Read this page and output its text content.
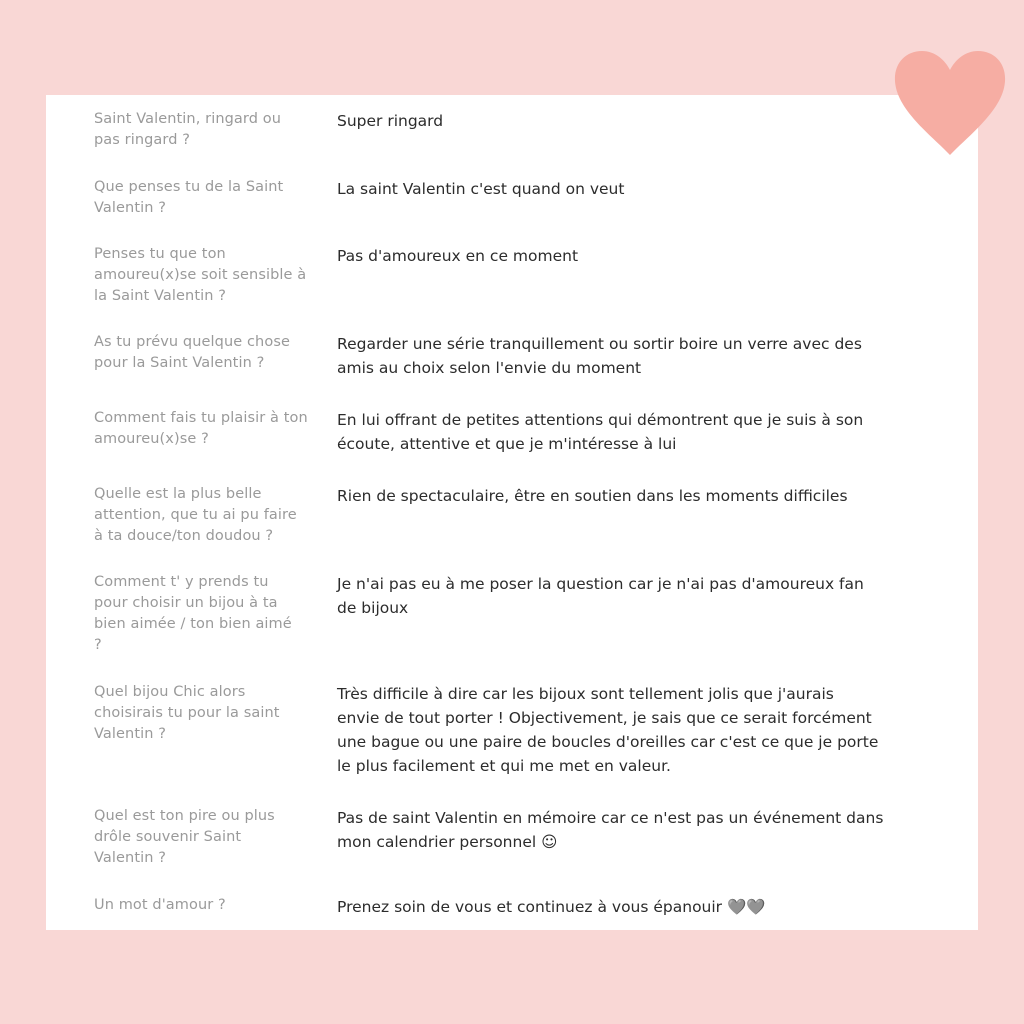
Saint Valentin, ringard ou
pas ringard ?

Super ringard

Que penses tu de la Saint
Valentin ?

La saint Valentin c'est quand on veut

Penses tu que ton
amoureu(x)se soit sensible à
la Saint Valentin ?

Pas d'amoureux en ce moment

As tu prévu quelque chose
pour la Saint Valentin ?

Regarder une série tranquillement ou sortir boire un verre avec des
amis au choix selon l'envie du moment

Comment fais tu plaisir à ton
amoureu(x)se ?

En lui offrant de petites attentions qui démontrent que je suis à son
écoute, attentive et que je m'intéresse à lui

Quelle est la plus belle
attention, que tu ai pu faire
à ta douce/ton doudou ?

Rien de spectaculaire, être en soutien dans les moments difficiles

Comment t' y prends tu
pour choisir un bijou à ta
bien aimée / ton bien aimé
?

Je n'ai pas eu à me poser la question car je n'ai pas d'amoureux fan
de bijoux

Quel bijou Chic alors
choisirais tu pour la saint
Valentin ?

Très difficile à dire car les bijoux sont tellement jolis que j'aurais
envie de tout porter ! Objectivement, je sais que ce serait forcément
une bague ou une paire de boucles d'oreilles car c'est ce que je porte
le plus facilement et qui me met en valeur.

Quel est ton pire ou plus
drôle souvenir Saint
Valentin ?

Pas de saint Valentin en mémoire car ce n'est pas un événement dans
mon calendrier personnel ☺

Un mot d'amour ?	Prenez soin de vous et continuez à vous épanouir 🩶🩶
